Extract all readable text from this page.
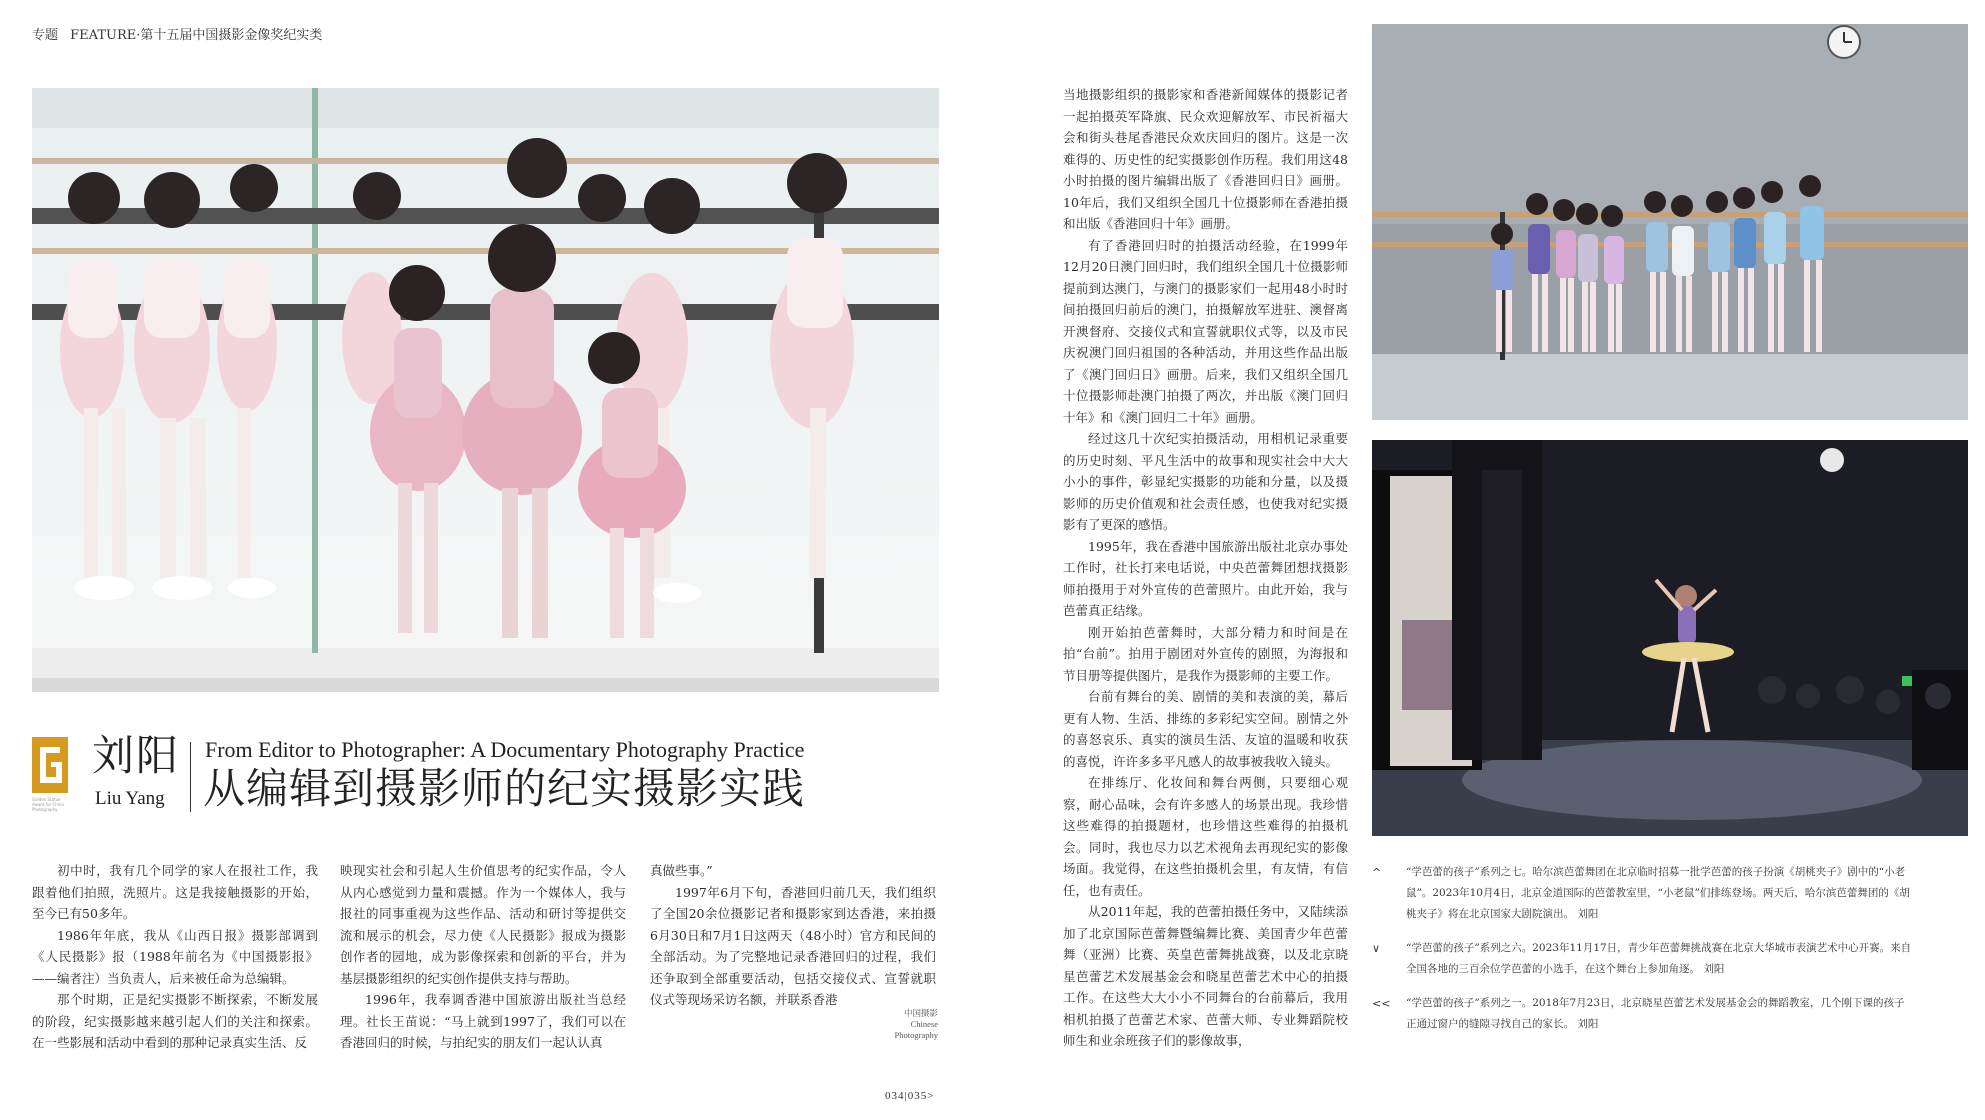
专题 FEATURE·第十五届中国摄影金像奖纪实类
Golden Statue Award for China Photography
刘阳
Liu Yang
From Editor to Photographer: A Documentary Photography Practice
从编辑到摄影师的纪实摄影实践

初中时，我有几个同学的家人在报社工作，我跟着他们拍照，洗照片。这是我接触摄影的开始，至今已有50多年。

1986年年底，我从《山西日报》摄影部调到《人民摄影》报（1988年前名为《中国摄影报》——编者注）当负责人，后来被任命为总编辑。

那个时期，正是纪实摄影不断探索，不断发展的阶段，纪实摄影越来越引起人们的关注和探索。在一些影展和活动中看到的那种记录真实生活、反

映现实社会和引起人生价值思考的纪实作品，令人从内心感觉到力量和震撼。作为一个媒体人，我与报社的同事重视为这些作品、活动和研讨等提供交流和展示的机会，尽力使《人民摄影》报成为摄影创作者的园地，成为影像探索和创新的平台，并为基层摄影组织的纪实创作提供支持与帮助。

1996年，我奉调香港中国旅游出版社当总经理。社长王苗说：“马上就到1997了，我们可以在香港回归的时候，与拍纪实的朋友们一起认认真

真做些事。”

1997年6月下旬，香港回归前几天，我们组织了全国20余位摄影记者和摄影家到达香港，来拍摄6月30日和7月1日这两天（48小时）官方和民间的全部活动。为了完整地记录香港回归的过程，我们还争取到全部重要活动，包括交接仪式、宣誓就职仪式等现场采访名额，并联系香港

中国摄影
Chinese
Photography

当地摄影组织的摄影家和香港新闻媒体的摄影记者一起拍摄英军降旗、民众欢迎解放军、市民祈福大会和街头巷尾香港民众欢庆回归的图片。这是一次难得的、历史性的纪实摄影创作历程。我们用这48小时拍摄的图片编辑出版了《香港回归日》画册。10年后，我们又组织全国几十位摄影师在香港拍摄和出版《香港回归十年》画册。

有了香港回归时的拍摄活动经验，在1999年12月20日澳门回归时，我们组织全国几十位摄影师提前到达澳门，与澳门的摄影家们一起用48小时时间拍摄回归前后的澳门，拍摄解放军进驻、澳督离开澳督府、交接仪式和宣誓就职仪式等，以及市民庆祝澳门回归祖国的各种活动，并用这些作品出版了《澳门回归日》画册。后来，我们又组织全国几十位摄影师赴澳门拍摄了两次，并出版《澳门回归十年》和《澳门回归二十年》画册。

经过这几十次纪实拍摄活动，用相机记录重要的历史时刻、平凡生活中的故事和现实社会中大大小小的事件，彰显纪实摄影的功能和分量，以及摄影师的历史价值观和社会责任感，也使我对纪实摄影有了更深的感悟。

1995年，我在香港中国旅游出版社北京办事处工作时，社长打来电话说，中央芭蕾舞团想找摄影师拍摄用于对外宣传的芭蕾照片。由此开始，我与芭蕾真正结缘。

刚开始拍芭蕾舞时，大部分精力和时间是在拍“台前”。拍用于剧团对外宣传的剧照，为海报和节目册等提供图片，是我作为摄影师的主要工作。

台前有舞台的美、剧情的美和表演的美，幕后更有人物、生活、排练的多彩纪实空间。剧情之外的喜怒哀乐、真实的演员生活、友谊的温暖和收获的喜悦，许许多多平凡感人的故事被我收入镜头。

在排练厅、化妆间和舞台两侧，只要细心观察，耐心品味，会有许多感人的场景出现。我珍惜这些难得的拍摄题材，也珍惜这些难得的拍摄机会。同时，我也尽力以艺术视角去再现纪实的影像场面。我觉得，在这些拍摄机会里，有友情，有信任，也有责任。

从2011年起，我的芭蕾拍摄任务中，又陆续添加了北京国际芭蕾舞暨编舞比赛、美国青少年芭蕾舞（亚洲）比赛、英皇芭蕾舞挑战赛，以及北京晓星芭蕾艺术发展基金会和晓星芭蕾艺术中心的拍摄工作。在这些大大小小不同舞台的台前幕后，我用相机拍摄了芭蕾艺术家、芭蕾大师、专业舞蹈院校师生和业余班孩子们的影像故事，

^	“学芭蕾的孩子”系列之七。哈尔滨芭蕾舞团在北京临时招募一批学芭蕾的孩子扮演《胡桃夹子》剧中的“小老鼠”。2023年10月4日，北京金道国际的芭蕾教室里，“小老鼠”们排练登场。两天后，哈尔滨芭蕾舞团的《胡桃夹子》将在北京国家大剧院演出。 刘阳
∨	“学芭蕾的孩子”系列之六。2023年11月17日，青少年芭蕾舞挑战赛在北京大华城市表演艺术中心开赛。来自全国各地的三百余位学芭蕾的小选手，在这个舞台上参加角逐。 刘阳
<<	“学芭蕾的孩子”系列之一。2018年7月23日，北京晓星芭蕾艺术发展基金会的舞蹈教室，几个刚下课的孩子正通过窗户的缝隙寻找自己的家长。 刘阳
034|035>
